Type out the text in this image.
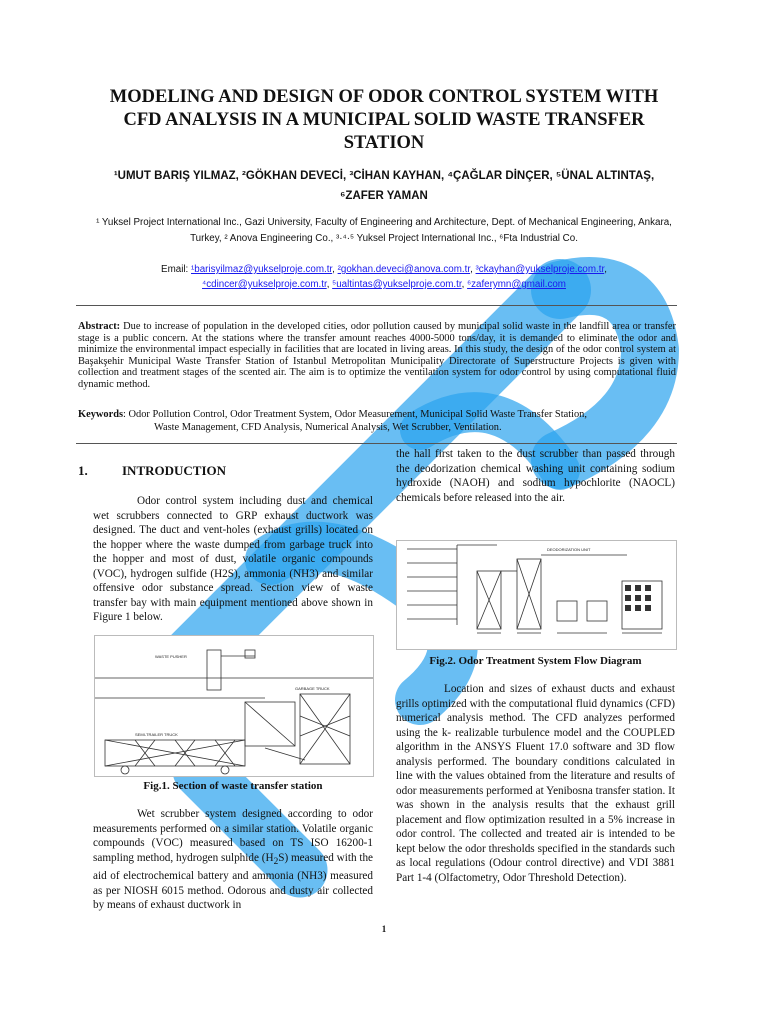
MODELING AND DESIGN OF ODOR CONTROL SYSTEM WITH CFD ANALYSIS IN A MUNICIPAL SOLID WASTE TRANSFER STATION
¹UMUT BARIŞ YILMAZ, ²GÖKHAN DEVECİ, ³CİHAN KAYHAN, ⁴ÇAĞLAR DİNÇER, ⁵ÜNAL ALTINTAŞ,
⁶ZAFER YAMAN
¹ Yuksel Project International Inc., Gazi University, Faculty of Engineering and Architecture, Dept. of Mechanical Engineering, Ankara, Turkey, ² Anova Engineering Co., ³·⁴·⁵ Yuksel Project International Inc., ⁶Fta Industrial Co.
Email: ¹barisyilmaz@yukselproje.com.tr, ²gokhan.deveci@anova.com.tr, ³ckayhan@yukselproje.com.tr,
⁴cdincer@yukselproje.com.tr, ⁵ualtintas@yukselproje.com.tr, ⁶zaferymn@gmail.com
Abstract: Due to increase of population in the developed cities, odor pollution caused by municipal solid waste in the landfill area or transfer stage is a public concern. At the stations where the transfer amount reaches 4000-5000 tons/day, it is demanded to eliminate the odor and minimize the environmental impact especially in facilities that are located in living areas. In this study, the design of the odor control system at Başakşehir Municipal Waste Transfer Station of Istanbul Metropolitan Municipality Directorate of Superstructure Projects is given with collection and treatment stages of the scented air. The aim is to optimize the ventilation system for odor control by using computational fluid dynamic method.
Keywords: Odor Pollution Control, Odor Treatment System, Odor Measurement, Municipal Solid Waste Transfer Station,
Waste Management, CFD Analysis, Numerical Analysis, Wet Scrubber, Ventilation.
1.	INTRODUCTION
Odor control system including dust and chemical wet scrubbers connected to GRP exhaust ductwork was designed. The duct and vent-holes (exhaust grills) located on the hopper where the waste dumped from garbage truck into the hopper and most of dust, volatile organic compounds (VOC), hydrogen sulfide (H2S), ammonia (NH3) and similar offensive odor substance spread. Section view of waste transfer bay with main equipment mentioned above shown in Figure 1 below.
WASTE PUSHER
SEMI-TRAILER TRUCK
GARBAGE TRUCK
Fig.1. Section of waste transfer station
Wet scrubber system designed according to odor measurements performed on a similar station. Volatile organic compounds (VOC) measured based on TS ISO 16200-1 sampling method, hydrogen sulphide $(H_2S)$ measured with the aid of electrochemical battery and ammonia (NH3) measured as per NIOSH 6015 method. Odorous and dusty air collected by means of exhaust ductwork in
the hall first taken to the dust scrubber than passed through the deodorization chemical washing unit containing sodium hydroxide (NAOH) and sodium hypochlorite (NAOCL) chemicals before released into the air.
DEODORIZATION UNIT
Fig.2. Odor Treatment System Flow Diagram
Location and sizes of exhaust ducts and exhaust grills optimized with the computational fluid dynamics (CFD) numerical analysis method. The CFD analyzes performed using the k- realizable turbulence model and the COUPLED algorithm in the ANSYS Fluent 17.0 software and 3D flow analysis performed. The boundary conditions calculated in line with the values obtained from the literature and results of odor measurements performed at Yenibosna transfer station. It was shown in the analysis results that the exhaust grill placement and flow optimization resulted in a 5% increase in odor control. The collected and treated air is intended to be kept below the odor thresholds specified in the standards such as local regulations (Odour control directive) and VDI 3881 Part 1-4 (Olfactometry, Odor Threshold Detection).
1
